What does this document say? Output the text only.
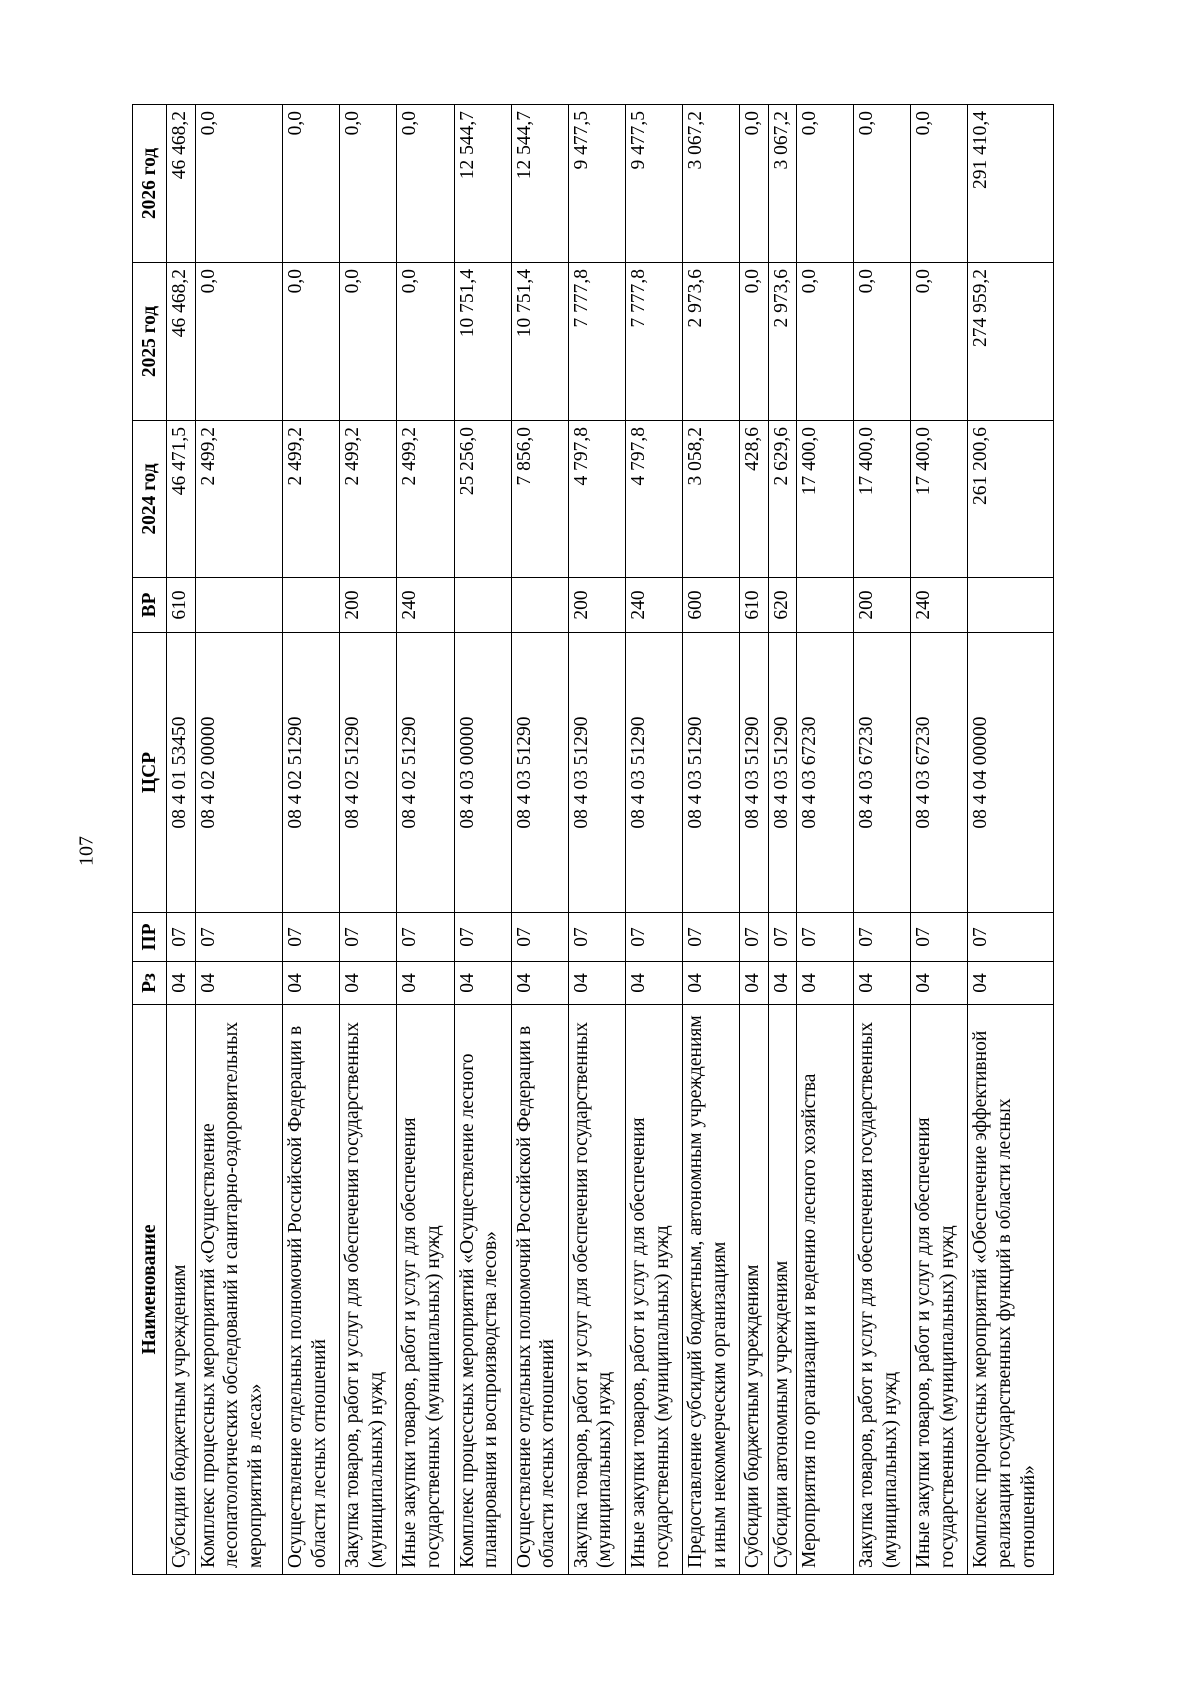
107
Наименование	Рз	ПР	ЦСР	ВР	2024 год	2025 год	2026 год
Субсидии бюджетным учреждениям	04	07	08 4 01 53450	610	46 471,5	46 468,2	46 468,2
Комплекс процессных мероприятий «Осуществление лесопатологических обследований и санитарно-оздоровительных мероприятий в лесах»	04	07	08 4 02 00000		2 499,2	0,0	0,0
Осуществление отдельных полномочий Российской Федерации в области лесных отношений	04	07	08 4 02 51290		2 499,2	0,0	0,0
Закупка товаров, работ и услуг для обеспечения государственных (муниципальных) нужд	04	07	08 4 02 51290	200	2 499,2	0,0	0,0
Иные закупки товаров, работ и услуг для обеспечения государственных (муниципальных) нужд	04	07	08 4 02 51290	240	2 499,2	0,0	0,0
Комплекс процессных мероприятий «Осуществление лесного планирования и воспроизводства лесов»	04	07	08 4 03 00000		25 256,0	10 751,4	12 544,7
Осуществление отдельных полномочий Российской Федерации в области лесных отношений	04	07	08 4 03 51290		7 856,0	10 751,4	12 544,7
Закупка товаров, работ и услуг для обеспечения государственных (муниципальных) нужд	04	07	08 4 03 51290	200	4 797,8	7 777,8	9 477,5
Иные закупки товаров, работ и услуг для обеспечения государственных (муниципальных) нужд	04	07	08 4 03 51290	240	4 797,8	7 777,8	9 477,5
Предоставление субсидий бюджетным, автономным учреждениям и иным некоммерческим организациям	04	07	08 4 03 51290	600	3 058,2	2 973,6	3 067,2
Субсидии бюджетным учреждениям	04	07	08 4 03 51290	610	428,6	0,0	0,0
Субсидии автономным учреждениям	04	07	08 4 03 51290	620	2 629,6	2 973,6	3 067,2
Мероприятия по организации и ведению лесного хозяйства	04	07	08 4 03 67230		17 400,0	0,0	0,0
Закупка товаров, работ и услуг для обеспечения государственных (муниципальных) нужд	04	07	08 4 03 67230	200	17 400,0	0,0	0,0
Иные закупки товаров, работ и услуг для обеспечения государственных (муниципальных) нужд	04	07	08 4 03 67230	240	17 400,0	0,0	0,0
Комплекс процессных мероприятий «Обеспечение эффективной реализации государственных функций в области лесных отношений»	04	07	08 4 04 00000		261 200,6	274 959,2	291 410,4
